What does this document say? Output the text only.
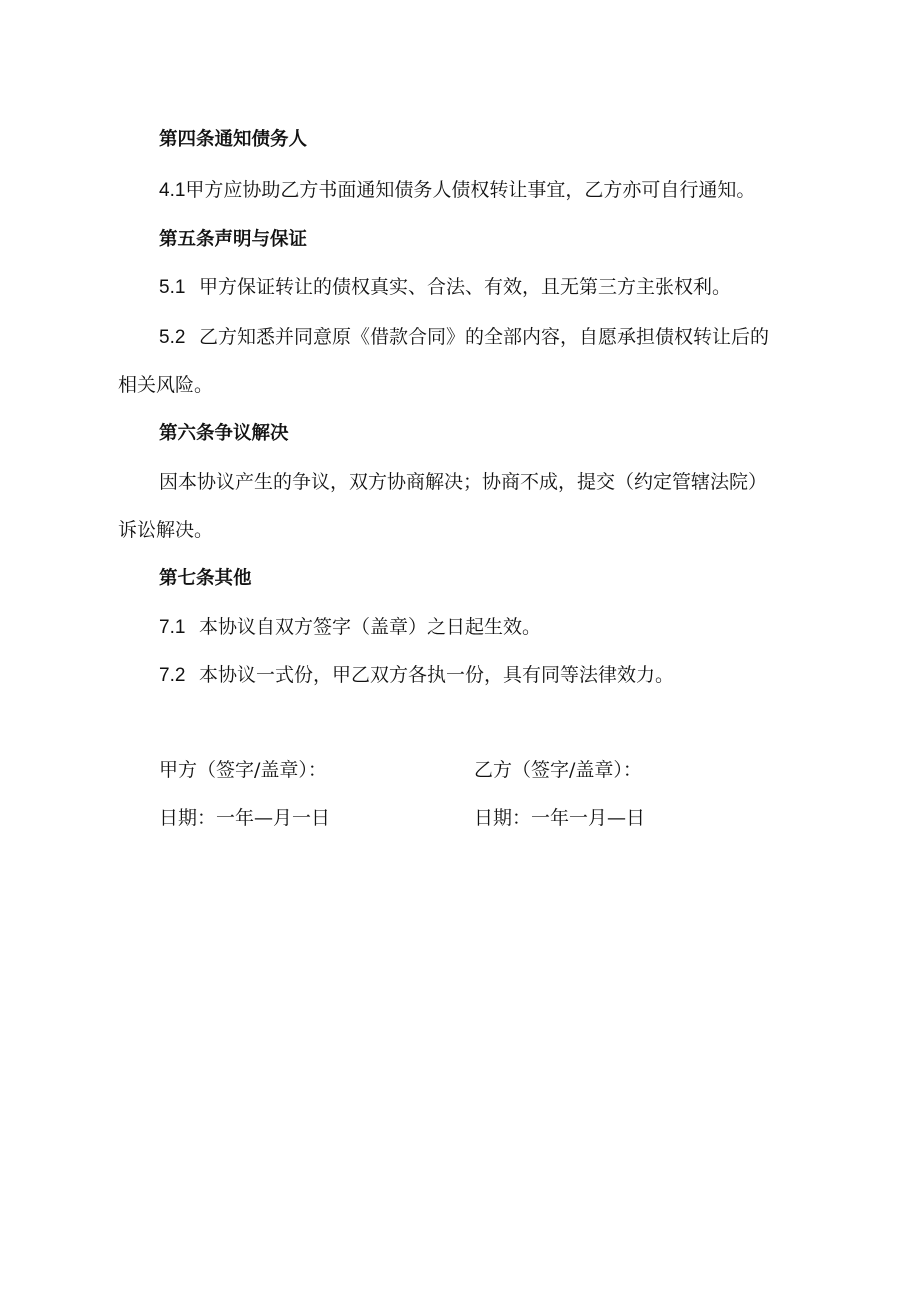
第四条通知债务人
4.1甲方应协助乙方书面通知债务人债权转让事宜，乙方亦可自行通知。
第五条声明与保证
5.1 甲方保证转让的债权真实、合法、有效，且无第三方主张权利。
5.2 乙方知悉并同意原《借款合同》的全部内容，自愿承担债权转让后的
相关风险。
第六条争议解决
因本协议产生的争议，双方协商解决；协商不成，提交（约定管辖法院）
诉讼解决。
第七条其他
7.1 本协议自双方签字（盖章）之日起生效。
7.2 本协议一式份，甲乙双方各执一份，具有同等法律效力。
甲方（签字/盖章）：	乙方（签字/盖章）：
日期：一年—月一日	日期：一年一月—日
